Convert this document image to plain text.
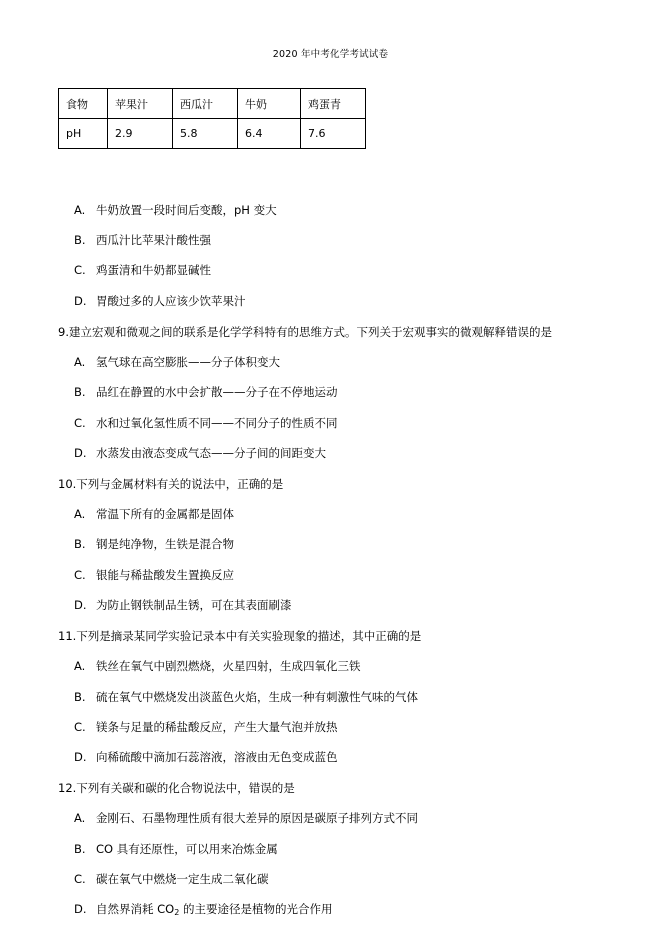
2020 年中考化学考试试卷
食物	苹果汁	西瓜汁	牛奶	鸡蛋青
pH	2.9	5.8	6.4	7.6
A. 牛奶放置一段时间后变酸，pH 变大
B. 西瓜汁比苹果汁酸性强
C. 鸡蛋清和牛奶都显碱性
D. 胃酸过多的人应该少饮苹果汁
9.建立宏观和微观之间的联系是化学学科特有的思维方式。下列关于宏观事实的微观解释错误的是
A. 氢气球在高空膨胀——分子体积变大
B. 品红在静置的水中会扩散——分子在不停地运动
C. 水和过氧化氢性质不同——不同分子的性质不同
D. 水蒸发由液态变成气态——分子间的间距变大
10.下列与金属材料有关的说法中，正确的是
A. 常温下所有的金属都是固体
B. 钢是纯净物，生铁是混合物
C. 银能与稀盐酸发生置换反应
D. 为防止钢铁制品生锈，可在其表面刷漆
11.下列是摘录某同学实验记录本中有关实验现象的描述，其中正确的是
A. 铁丝在氧气中剧烈燃烧，火星四射，生成四氧化三铁
B. 硫在氧气中燃烧发出淡蓝色火焰，生成一种有刺激性气味的气体
C. 镁条与足量的稀盐酸反应，产生大量气泡并放热
D. 向稀硫酸中滴加石蕊溶液，溶液由无色变成蓝色
12.下列有关碳和碳的化合物说法中，错误的是
A. 金刚石、石墨物理性质有很大差异的原因是碳原子排列方式不同
B. CO 具有还原性，可以用来冶炼金属
C. 碳在氧气中燃烧一定生成二氧化碳
D. 自然界消耗 $CO_2$ 的主要途径是植物的光合作用
